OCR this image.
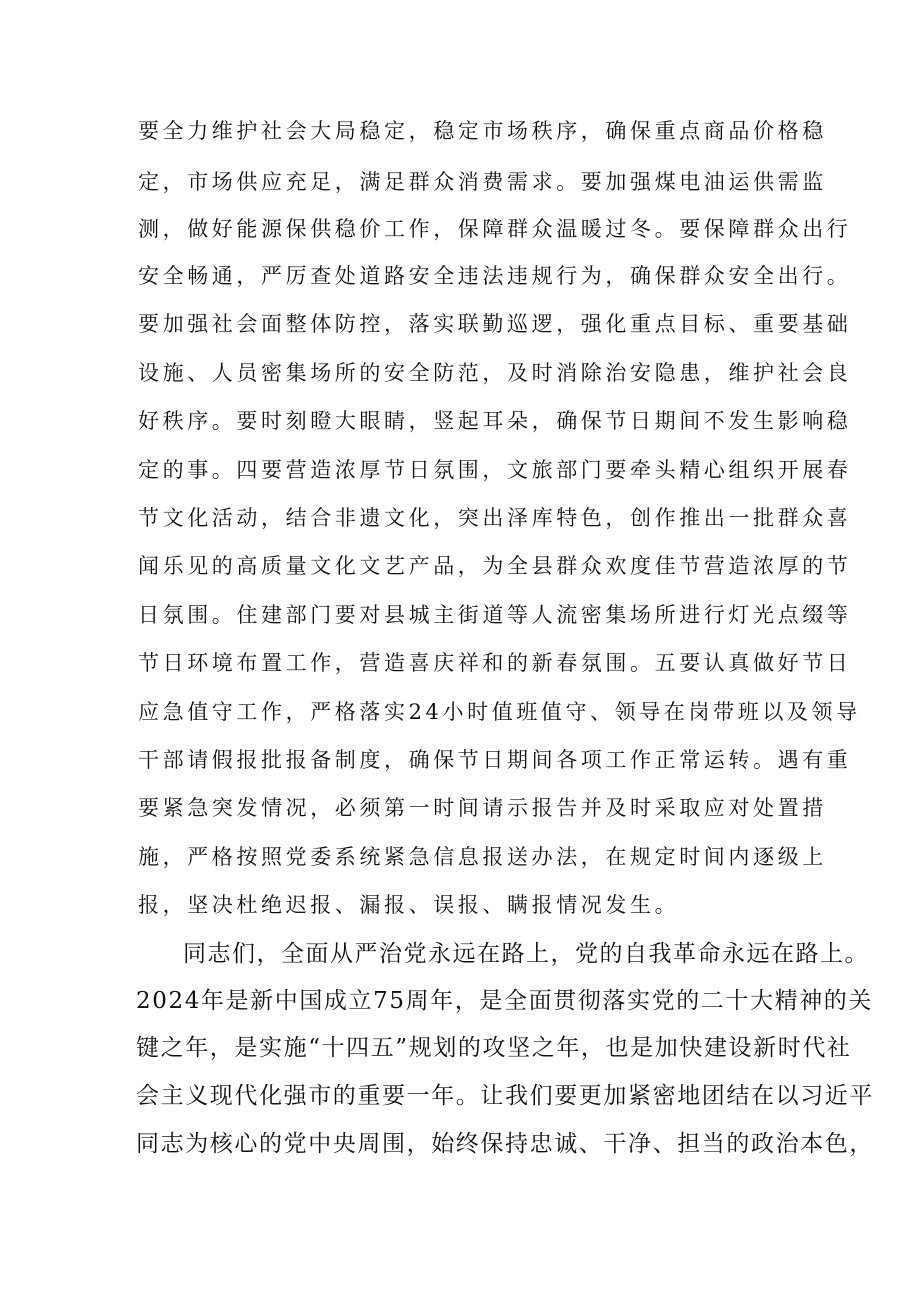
要全力维护社会大局稳定，稳定市场秩序，确保重点商品价格稳
定，市场供应充足，满足群众消费需求。要加强煤电油运供需监
测，做好能源保供稳价工作，保障群众温暖过冬。要保障群众出行
安全畅通，严厉查处道路安全违法违规行为，确保群众安全出行。
要加强社会面整体防控，落实联勤巡逻，强化重点目标、重要基础
设施、人员密集场所的安全防范，及时消除治安隐患，维护社会良
好秩序。要时刻瞪大眼睛，竖起耳朵，确保节日期间不发生影响稳
定的事。四要营造浓厚节日氛围，文旅部门要牵头精心组织开展春
节文化活动，结合非遗文化，突出泽库特色，创作推出一批群众喜
闻乐见的高质量文化文艺产品，为全县群众欢度佳节营造浓厚的节
日氛围。住建部门要对县城主街道等人流密集场所进行灯光点缀等
节日环境布置工作，营造喜庆祥和的新春氛围。五要认真做好节日
应急值守工作，严格落实24小时值班值守、领导在岗带班以及领导
干部请假报批报备制度，确保节日期间各项工作正常运转。遇有重
要紧急突发情况，必须第一时间请示报告并及时采取应对处置措
施，严格按照党委系统紧急信息报送办法，在规定时间内逐级上
报，坚决杜绝迟报、漏报、误报、瞒报情况发生。
同志们，全面从严治党永远在路上，党的自我革命永远在路上。
2024年是新中国成立75周年，是全面贯彻落实党的二十大精神的关
键之年，是实施“十四五”规划的攻坚之年，也是加快建设新时代社
会主义现代化强市的重要一年。让我们要更加紧密地团结在以习近平
同志为核心的党中央周围，始终保持忠诚、干净、担当的政治本色，
